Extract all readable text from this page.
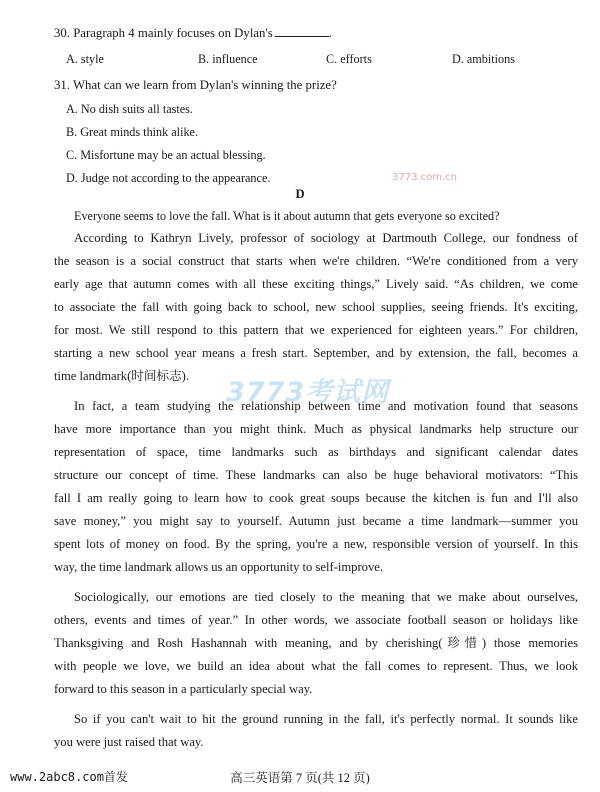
30. Paragraph 4 mainly focuses on Dylan's	.
A. style	B. influence	C. efforts	D. ambitions
31. What can we learn from Dylan's winning the prize?
A. No dish suits all tastes.
B. Great minds think alike.
C. Misfortune may be an actual blessing.
D. Judge not according to the appearance.
D
Everyone seems to love the fall. What is it about autumn that gets everyone so excited?
According to Kathryn Lively, professor of sociology at Dartmouth College, our fondness of
the season is a social construct that starts when we're children. “We're conditioned from a very
early age that autumn comes with all these exciting things,” Lively said. “As children, we come
to associate the fall with going back to school, new school supplies, seeing friends. It's exciting,
for most. We still respond to this pattern that we experienced for eighteen years.” For children,
starting a new school year means a fresh start. September, and by extension, the fall, becomes a
time landmark(时间标志).
In fact, a team studying the relationship between time and motivation found that seasons
have more importance than you might think. Much as physical landmarks help structure our
representation of space, time landmarks such as birthdays and significant calendar dates
structure our concept of time. These landmarks can also be huge behavioral motivators: “This
fall I am really going to learn how to cook great soups because the kitchen is fun and I'll also
save money,” you might say to yourself. Autumn just became a time landmark—summer you
spent lots of money on food. By the spring, you're a new, responsible version of yourself. In this
way, the time landmark allows us an opportunity to self-improve.
Sociologically, our emotions are tied closely to the meaning that we make about ourselves,
others, events and times of year.” In other words, we associate football season or holidays like
Thanksgiving and Rosh Hashannah with meaning, and by cherishing(珍惜) those memories
with people we love, we build an idea about what the fall comes to represent. Thus, we look
forward to this season in a particularly special way.
So if you can't wait to hit the ground running in the fall, it's perfectly normal. It sounds like
you were just raised that way.
3773考试网
3773.com.cn
www.2abc8.com首发	高三英语第 7 页(共 12 页)
